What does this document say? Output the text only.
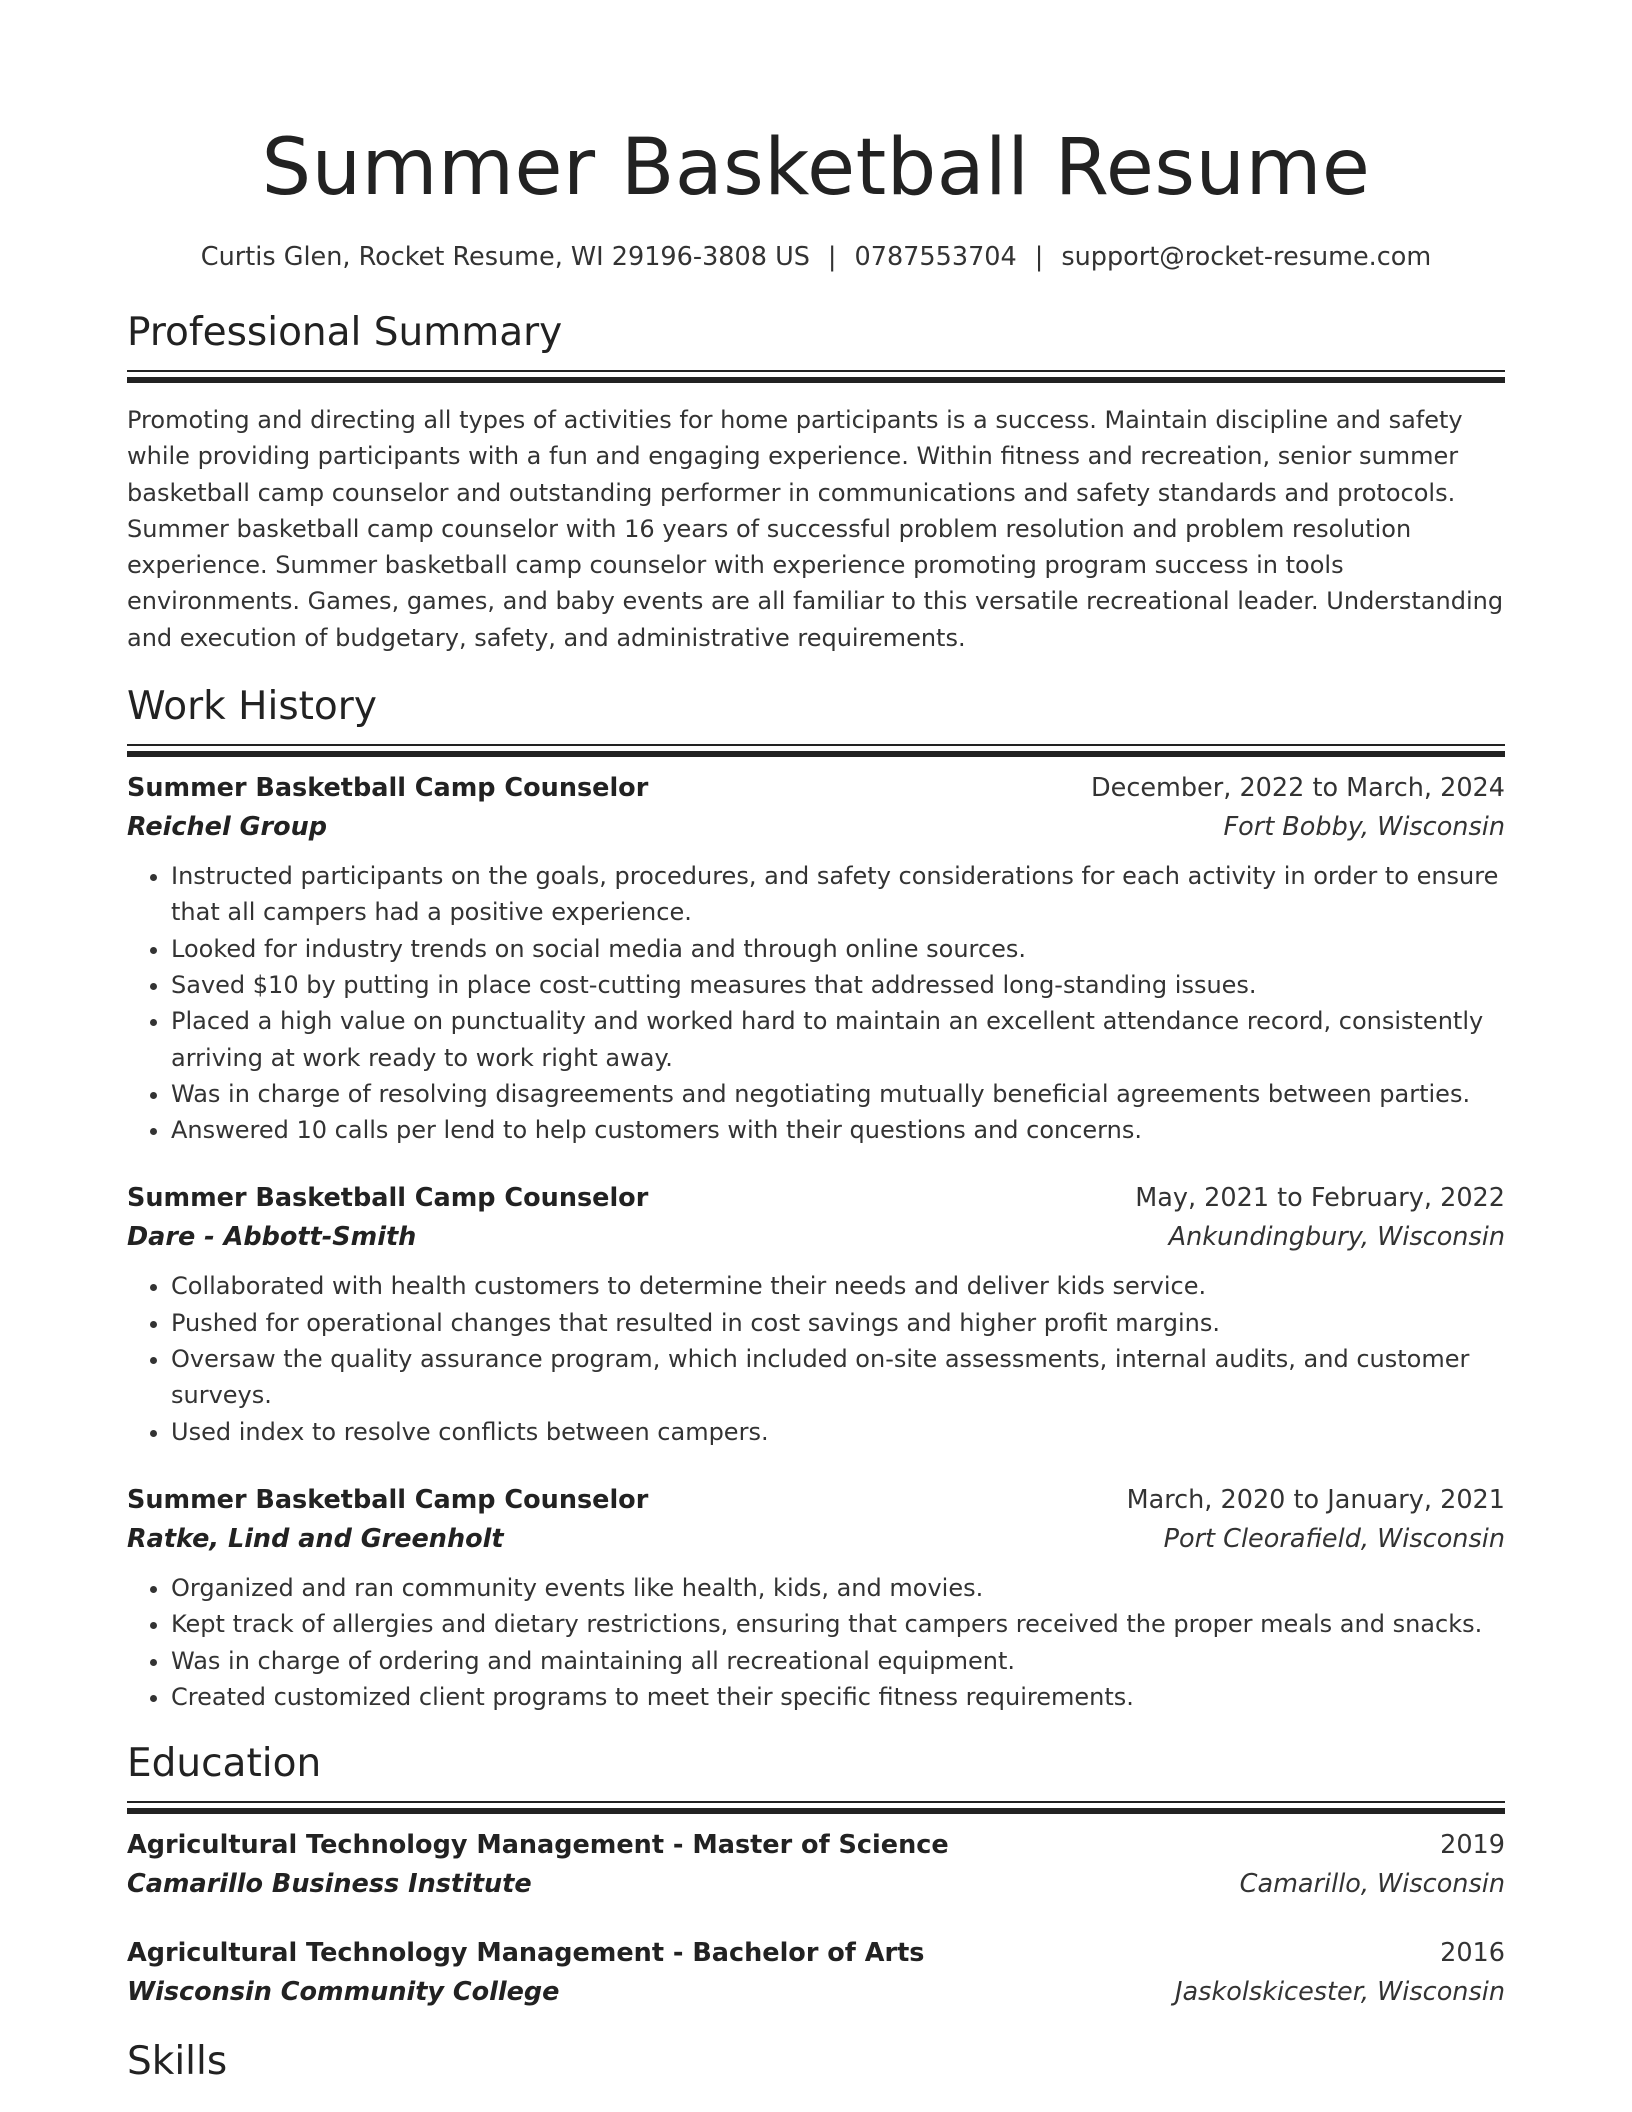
Summer Basketball Resume
Curtis Glen, Rocket Resume, WI 29196-3808 US | 0787553704 | support@rocket-resume.com
Professional Summary
Promoting and directing all types of activities for home participants is a success. Maintain discipline and safety while providing participants with a fun and engaging experience. Within fitness and recreation, senior summer basketball camp counselor and outstanding performer in communications and safety standards and protocols. Summer basketball camp counselor with 16 years of successful problem resolution and problem resolution experience. Summer basketball camp counselor with experience promoting program success in tools environments. Games, games, and baby events are all familiar to this versatile recreational leader. Understanding and execution of budgetary, safety, and administrative requirements.
Work History
Summer Basketball Camp Counselor	December, 2022 to March, 2024
Reichel Group	Fort Bobby, Wisconsin
• Instructed participants on the goals, procedures, and safety considerations for each activity in order to ensure that all campers had a positive experience.
• Looked for industry trends on social media and through online sources.
• Saved $10 by putting in place cost-cutting measures that addressed long-standing issues.
• Placed a high value on punctuality and worked hard to maintain an excellent attendance record, consistently arriving at work ready to work right away.
• Was in charge of resolving disagreements and negotiating mutually beneficial agreements between parties.
• Answered 10 calls per lend to help customers with their questions and concerns.
Summer Basketball Camp Counselor	May, 2021 to February, 2022
Dare - Abbott-Smith	Ankundingbury, Wisconsin
• Collaborated with health customers to determine their needs and deliver kids service.
• Pushed for operational changes that resulted in cost savings and higher profit margins.
• Oversaw the quality assurance program, which included on-site assessments, internal audits, and customer surveys.
• Used index to resolve conflicts between campers.
Summer Basketball Camp Counselor	March, 2020 to January, 2021
Ratke, Lind and Greenholt	Port Cleorafield, Wisconsin
• Organized and ran community events like health, kids, and movies.
• Kept track of allergies and dietary restrictions, ensuring that campers received the proper meals and snacks.
• Was in charge of ordering and maintaining all recreational equipment.
• Created customized client programs to meet their specific fitness requirements.
Education
Agricultural Technology Management - Master of Science	2019
Camarillo Business Institute	Camarillo, Wisconsin
Agricultural Technology Management - Bachelor of Arts	2016
Wisconsin Community College	Jaskolskicester, Wisconsin
Skills
